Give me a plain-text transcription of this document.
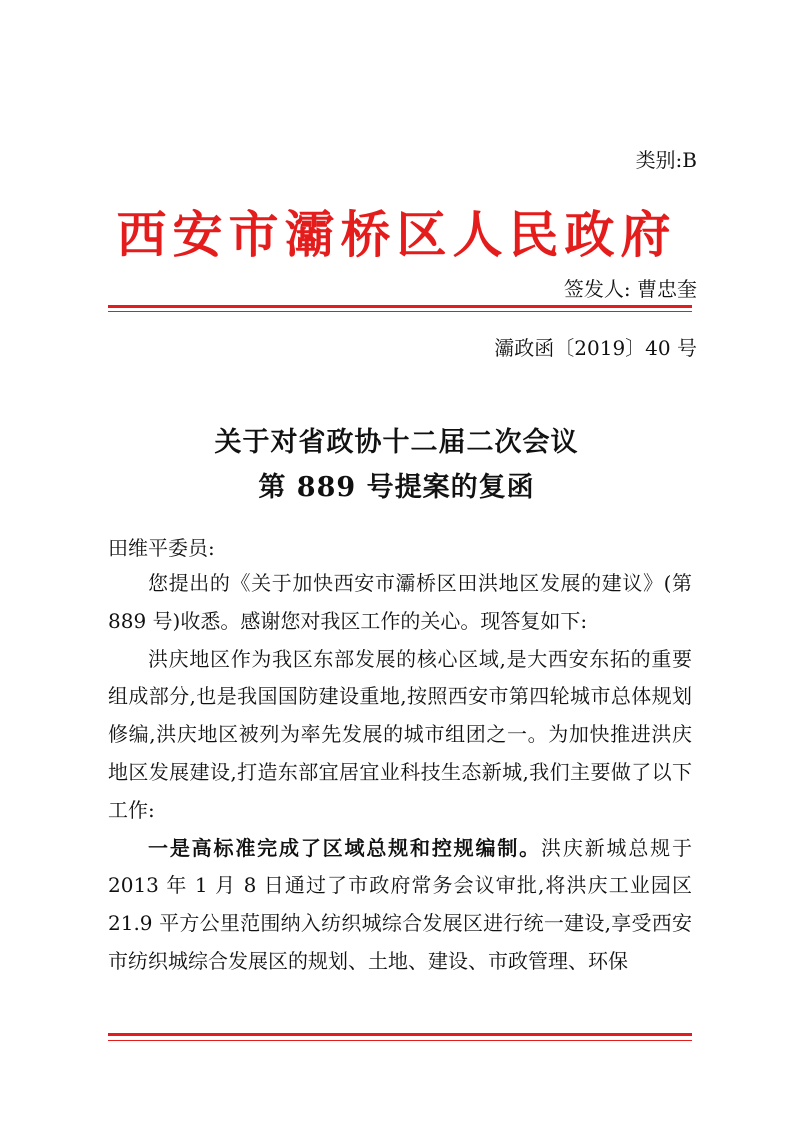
类别:B
西安市灞桥区人民政府
签发人: 曹忠奎
灞政函〔2019〕40 号
关于对省政协十二届二次会议
第 889 号提案的复函
田维平委员:

您提出的《关于加快西安市灞桥区田洪地区发展的建议》(第 889 号)收悉。感谢您对我区工作的关心。现答复如下:

洪庆地区作为我区东部发展的核心区域,是大西安东拓的重要组成部分,也是我国国防建设重地,按照西安市第四轮城市总体规划修编,洪庆地区被列为率先发展的城市组团之一。为加快推进洪庆地区发展建设,打造东部宜居宜业科技生态新城,我们主要做了以下工作:

一是高标准完成了区域总规和控规编制。洪庆新城总规于 2013 年 1 月 8 日通过了市政府常务会议审批,将洪庆工业园区 21.9 平方公里范围纳入纺织城综合发展区进行统一建设,享受西安市纺织城综合发展区的规划、土地、建设、市政管理、环保
